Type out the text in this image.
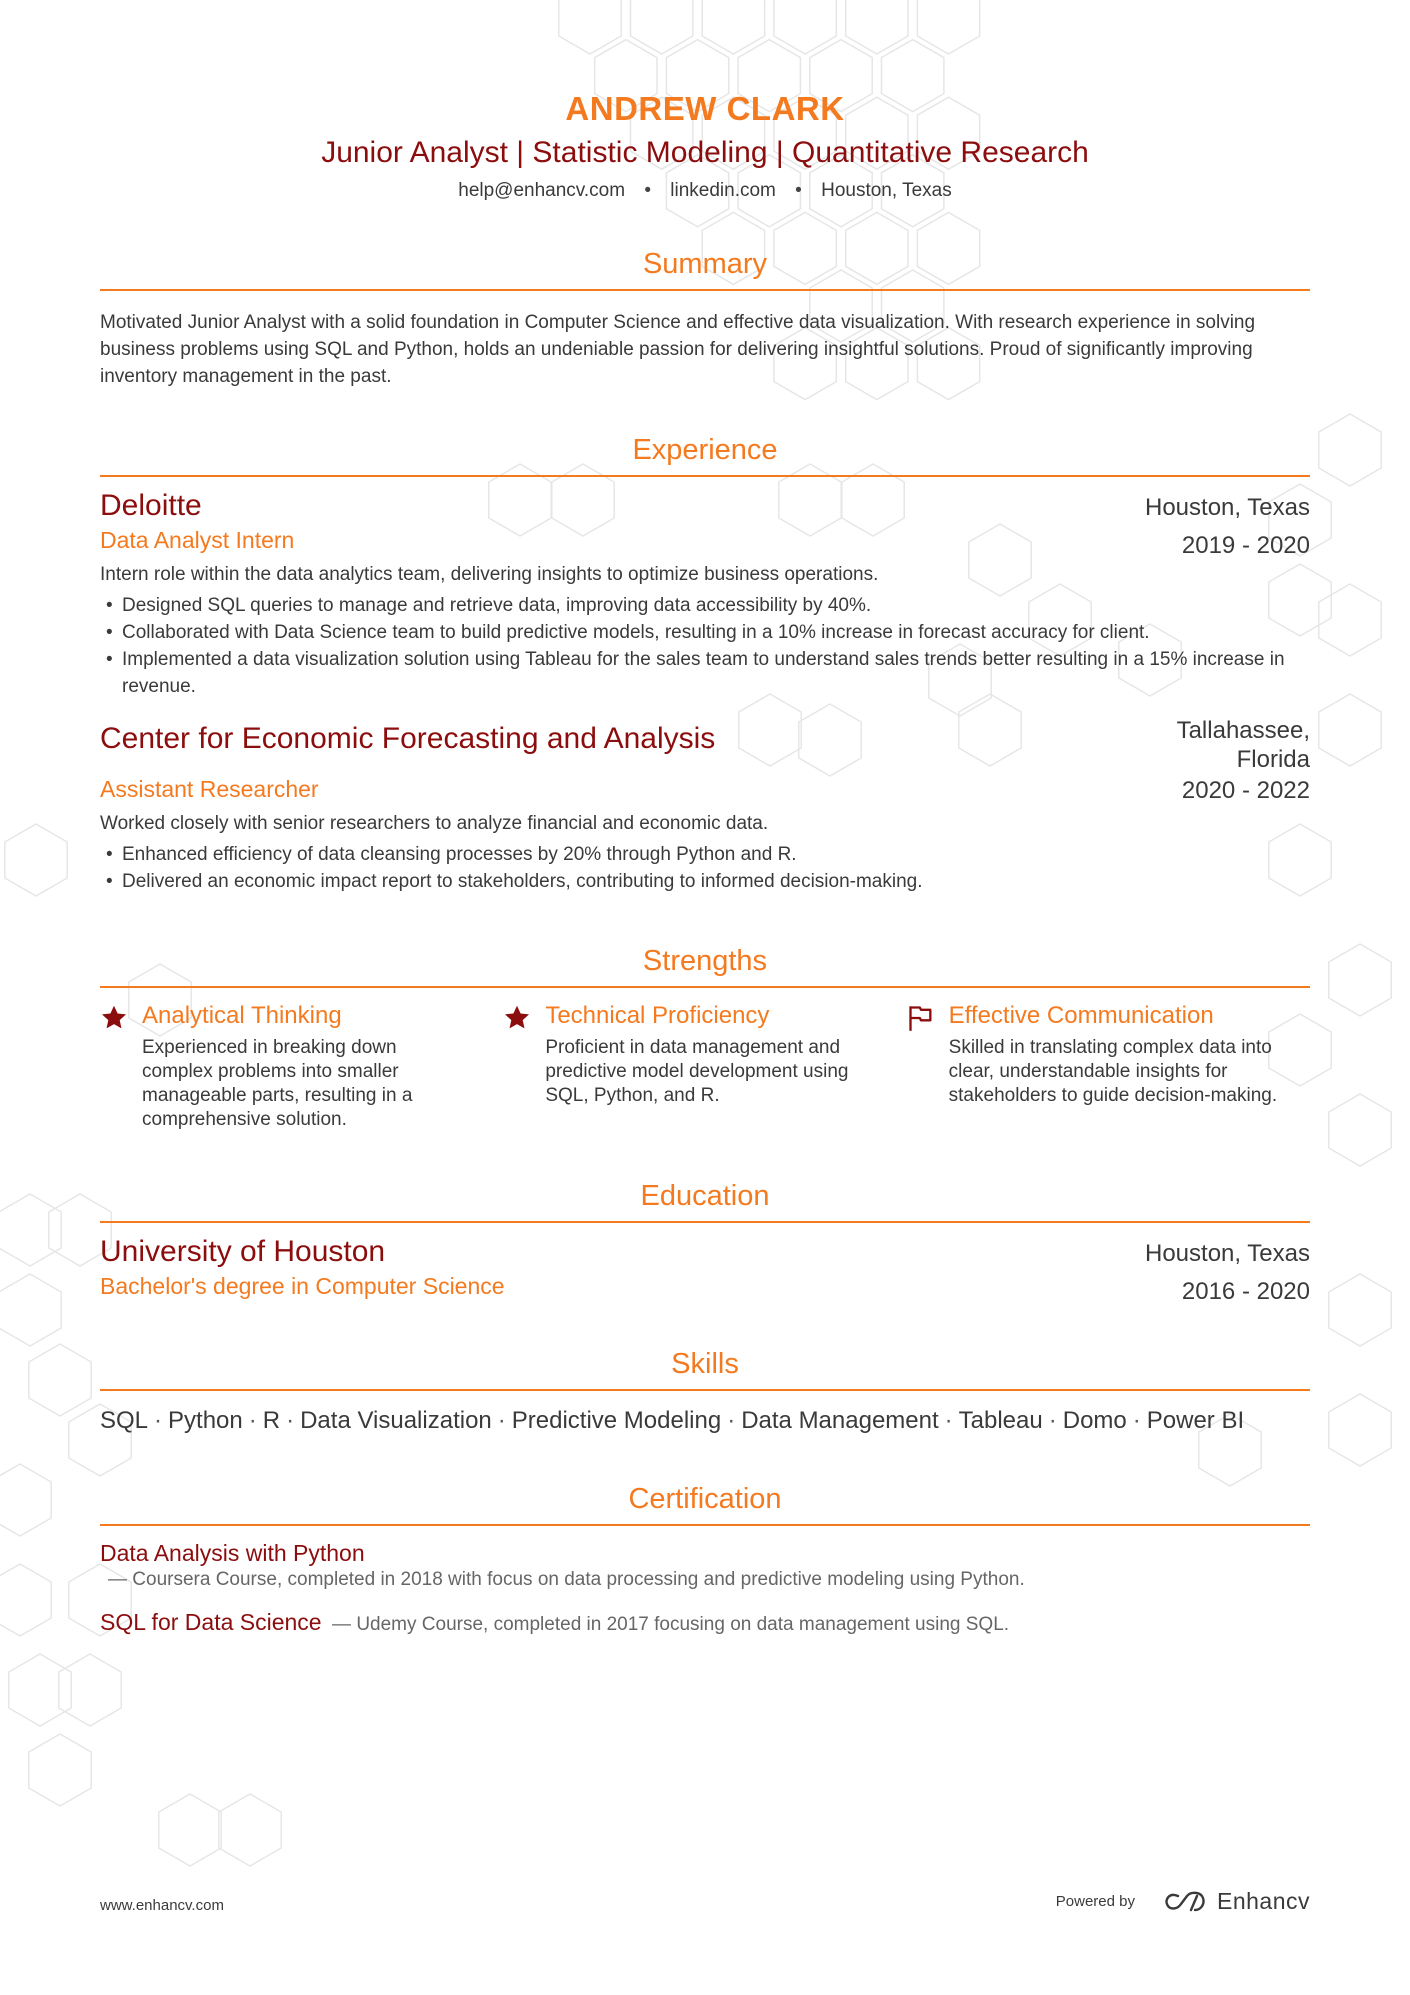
ANDREW CLARK
Junior Analyst | Statistic Modeling | Quantitative Research
help@enhancv.com • linkedin.com • Houston, Texas
Summary
Motivated Junior Analyst with a solid foundation in Computer Science and effective data visualization. With research experience in solving business problems using SQL and Python, holds an undeniable passion for delivering insightful solutions. Proud of significantly improving inventory management in the past.
Experience
Deloitte
Data Analyst Intern
Houston, Texas
2019 - 2020
Intern role within the data analytics team, delivering insights to optimize business operations.
• Designed SQL queries to manage and retrieve data, improving data accessibility by 40%.
• Collaborated with Data Science team to build predictive models, resulting in a 10% increase in forecast accuracy for client.
• Implemented a data visualization solution using Tableau for the sales team to understand sales trends better resulting in a 15% increase in revenue.
Center for Economic Forecasting and Analysis
Assistant Researcher
Tallahassee,
Florida
2020 - 2022
Worked closely with senior researchers to analyze financial and economic data.
• Enhanced efficiency of data cleansing processes by 20% through Python and R.
• Delivered an economic impact report to stakeholders, contributing to informed decision-making.
Strengths
Analytical Thinking
Experienced in breaking down complex problems into smaller manageable parts, resulting in a comprehensive solution.
Technical Proficiency
Proficient in data management and predictive model development using SQL, Python, and R.
Effective Communication
Skilled in translating complex data into clear, understandable insights for stakeholders to guide decision-making.
Education
University of Houston
Bachelor's degree in Computer Science
Houston, Texas
2016 - 2020
Skills
SQL · Python · R · Data Visualization · Predictive Modeling · Data Management · Tableau · Domo · Power BI
Certification
Data Analysis with Python
— Coursera Course, completed in 2018 with focus on data processing and predictive modeling using Python.
SQL for Data Science — Udemy Course, completed in 2017 focusing on data management using SQL.
www.enhancv.com	Powered by	Enhancv
